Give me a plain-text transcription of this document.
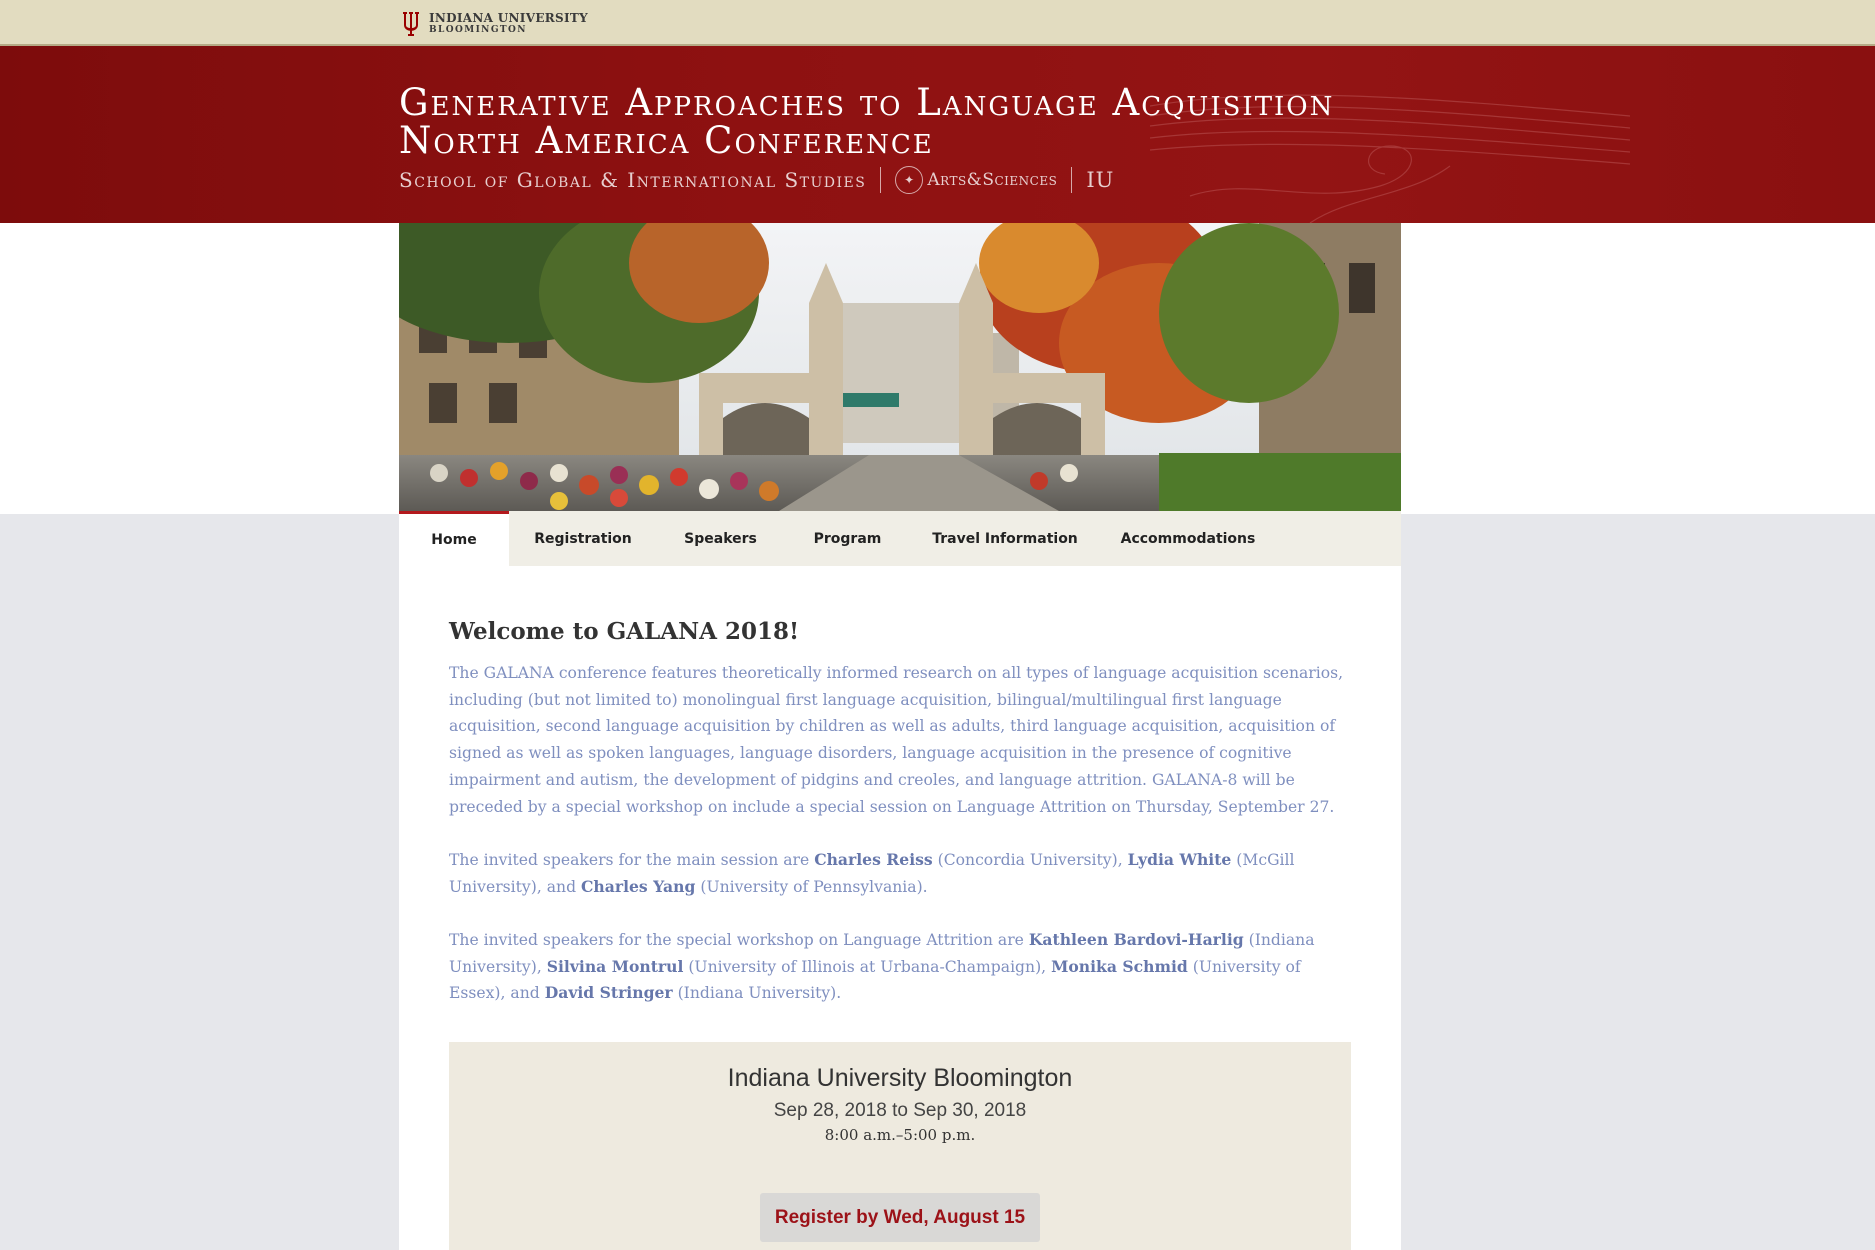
INDIANA UNIVERSITY
BLOOMINGTON
Generative Approaches to Language Acquisition
North America Conference
School of Global & International Studies	✦ Arts&Sciences IU
Home	Registration	Speakers	Program	Travel Information	Accommodations
Welcome to GALANA 2018!

The GALANA conference features theoretically informed research on all types of language acquisition scenarios, including (but not limited to) monolingual first language acquisition, bilingual/multilingual first language acquisition, second language acquisition by children as well as adults, third language acquisition, acquisition of signed as well as spoken languages, language disorders, language acquisition in the presence of cognitive impairment and autism, the development of pidgins and creoles, and language attrition. GALANA-8 will be preceded by a special workshop on include a special session on Language Attrition on Thursday, September 27.

The invited speakers for the main session are Charles Reiss (Concordia University), Lydia White (McGill University), and Charles Yang (University of Pennsylvania).

The invited speakers for the special workshop on Language Attrition are Kathleen Bardovi-Harlig (Indiana University), Silvina Montrul (University of Illinois at Urbana-Champaign), Monika Schmid (University of Essex), and David Stringer (Indiana University).

Indiana University Bloomington
Sep 28, 2018 to Sep 30, 2018
8:00 a.m.–5:00 p.m.
Register by Wed, August 15
